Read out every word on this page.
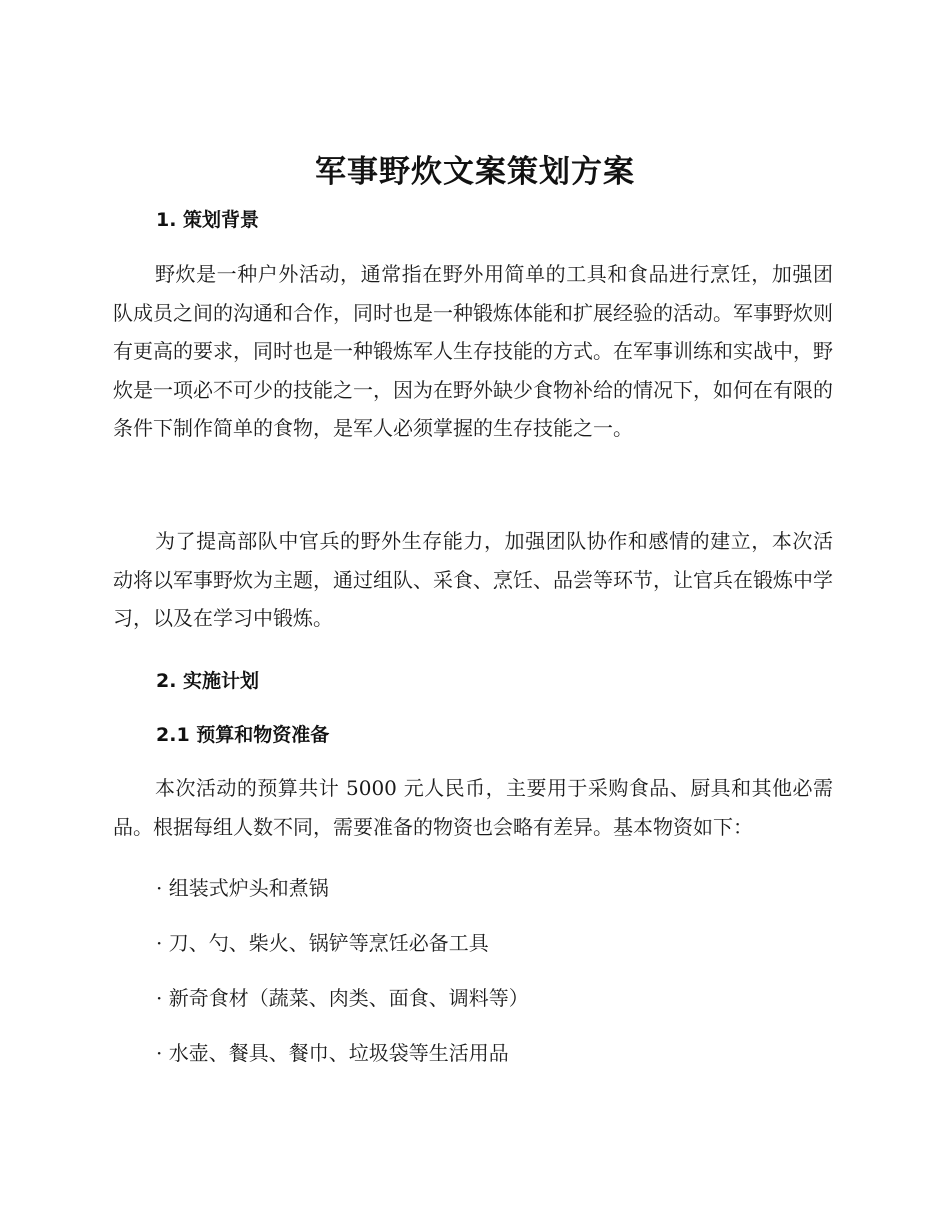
军事野炊文案策划方案
1. 策划背景

野炊是一种户外活动，通常指在野外用简单的工具和食品进行烹饪，加强团队成员之间的沟通和合作，同时也是一种锻炼体能和扩展经验的活动。军事野炊则有更高的要求，同时也是一种锻炼军人生存技能的方式。在军事训练和实战中，野炊是一项必不可少的技能之一，因为在野外缺少食物补给的情况下，如何在有限的条件下制作简单的食物，是军人必须掌握的生存技能之一。

为了提高部队中官兵的野外生存能力，加强团队协作和感情的建立，本次活动将以军事野炊为主题，通过组队、采食、烹饪、品尝等环节，让官兵在锻炼中学习，以及在学习中锻炼。

2. 实施计划
2.1 预算和物资准备

本次活动的预算共计 5000 元人民币，主要用于采购食品、厨具和其他必需品。根据每组人数不同，需要准备的物资也会略有差异。基本物资如下：

· 组装式炉头和煮锅
· 刀、勺、柴火、锅铲等烹饪必备工具
· 新奇食材（蔬菜、肉类、面食、调料等）
· 水壶、餐具、餐巾、垃圾袋等生活用品
